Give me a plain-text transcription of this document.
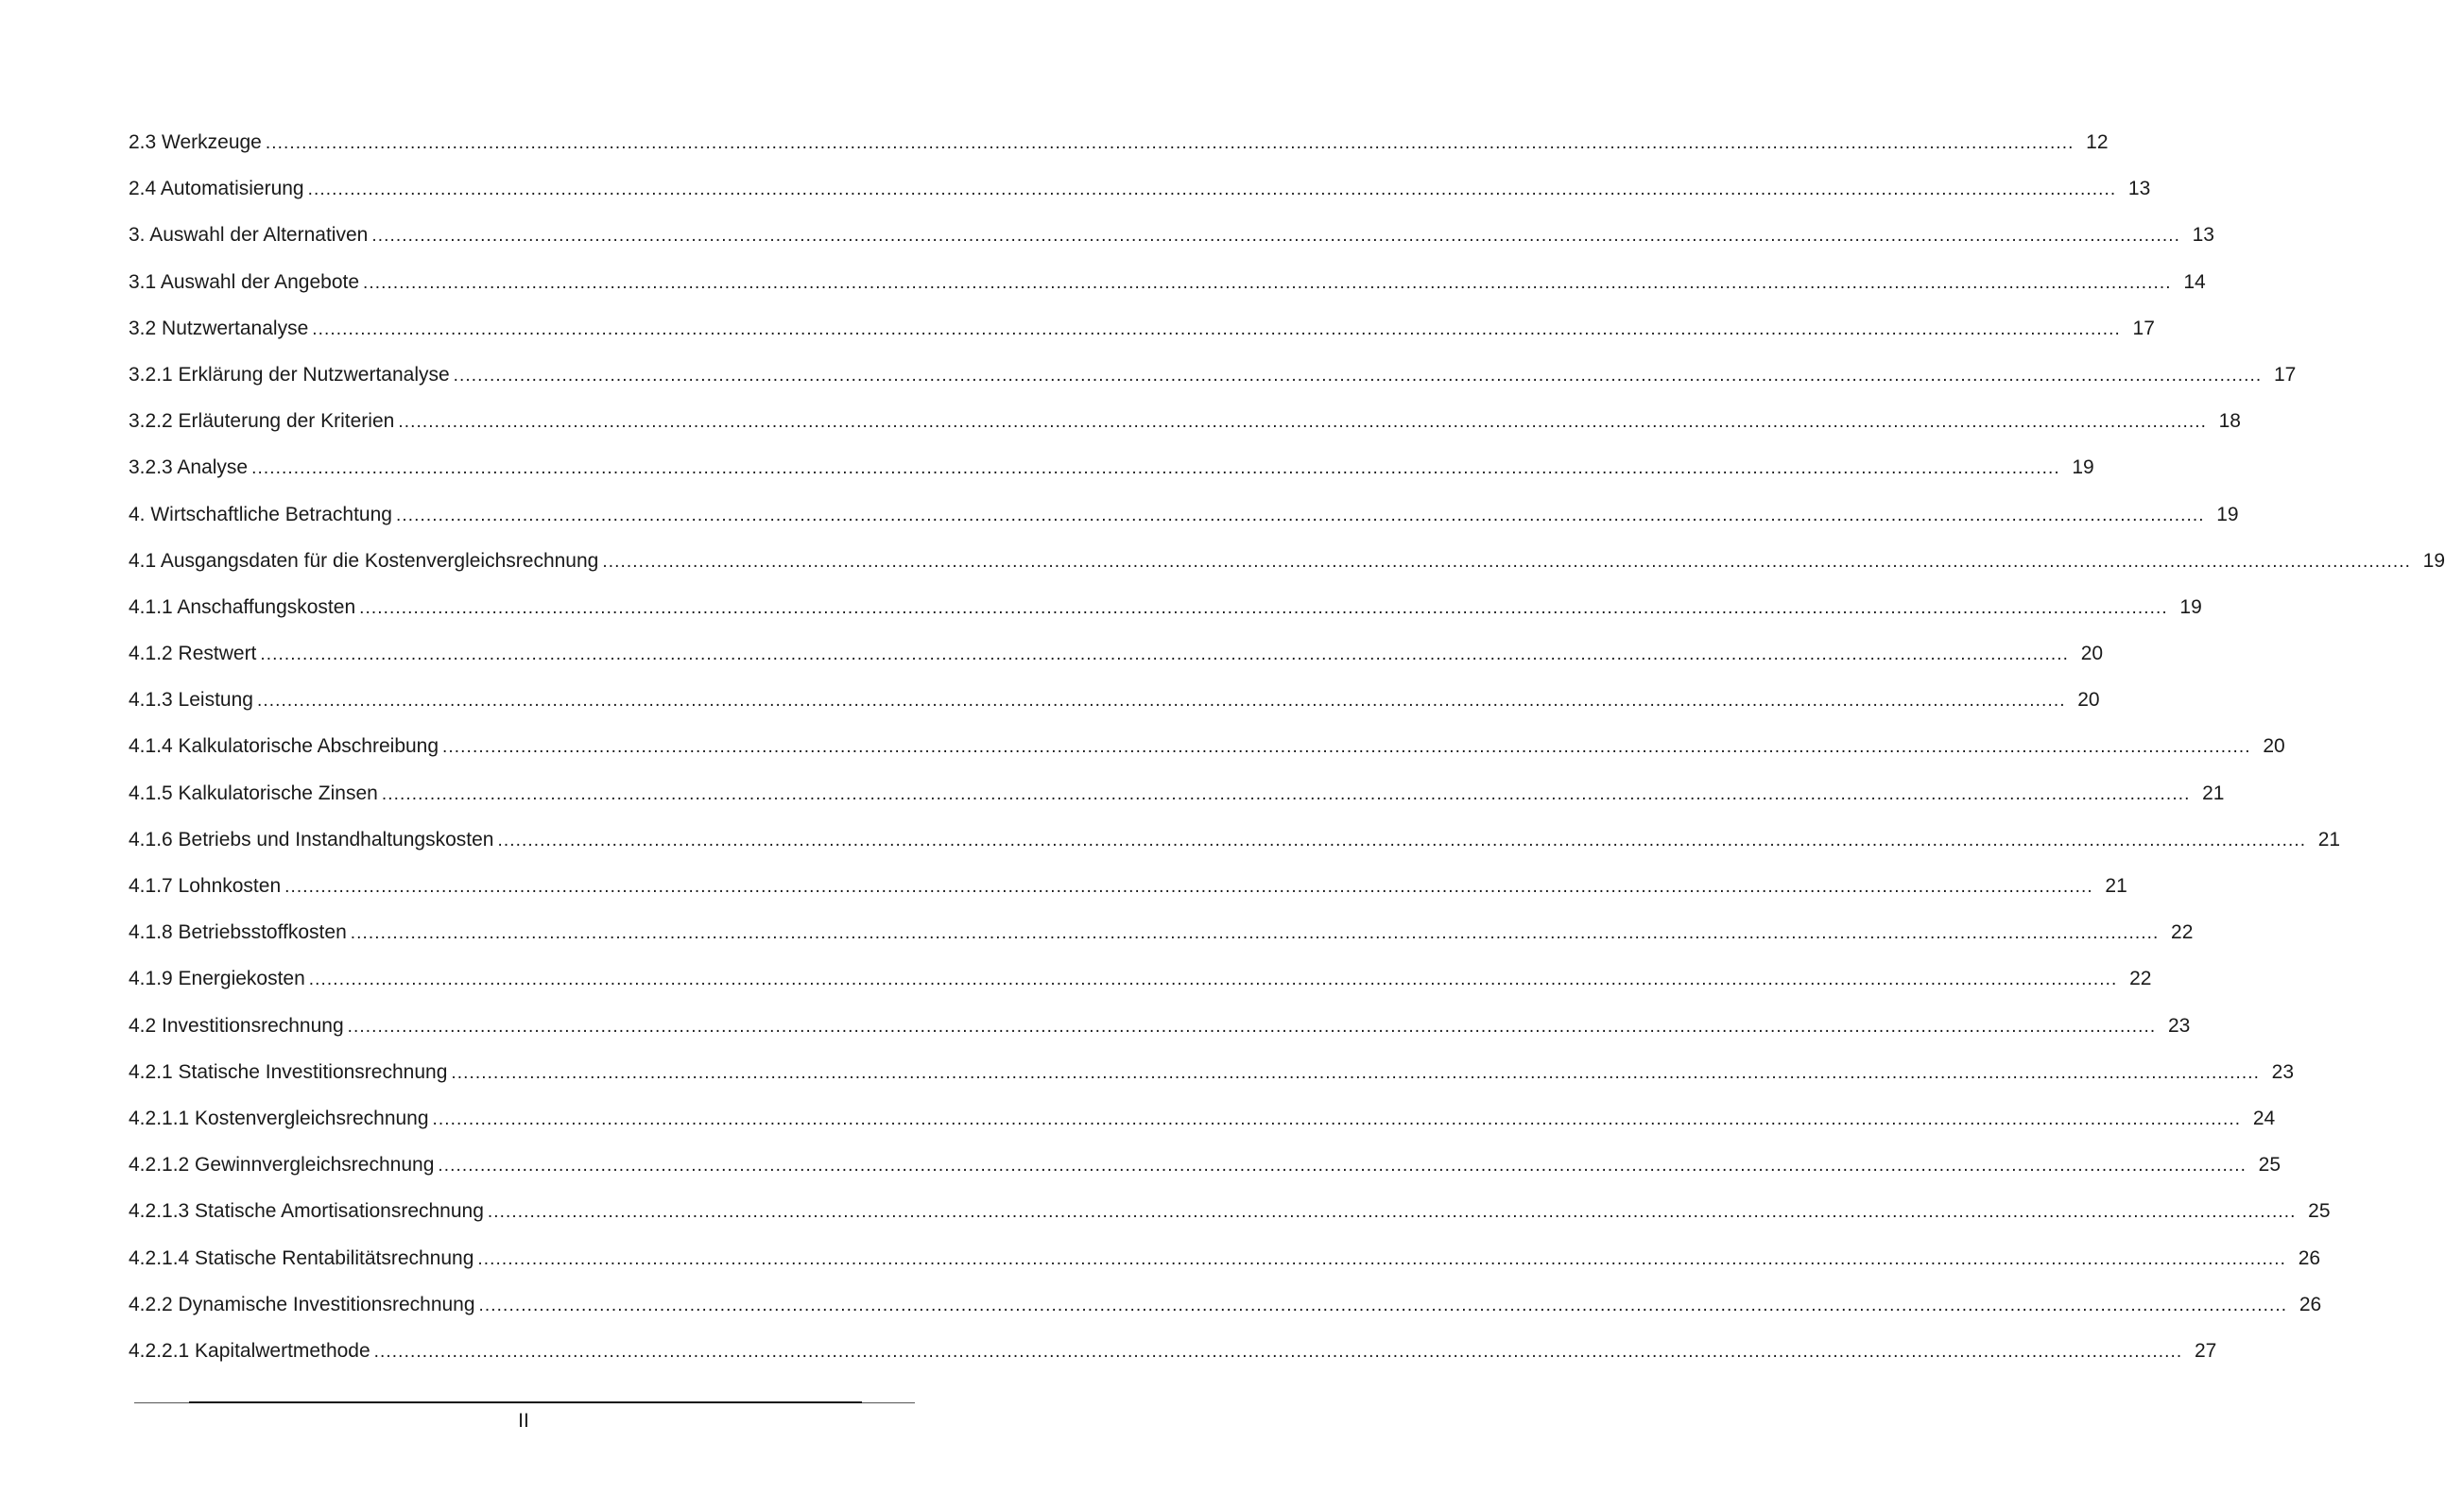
2.3 Werkzeuge ............................................................................................................................................................................................................................................................................................................ 12
2.4 Automatisierung ............................................................................................................................................................................................................................................................................................................ 13
3. Auswahl der Alternativen ............................................................................................................................................................................................................................................................................................................ 13
3.1 Auswahl der Angebote ............................................................................................................................................................................................................................................................................................................ 14
3.2 Nutzwertanalyse ............................................................................................................................................................................................................................................................................................................ 17
3.2.1 Erklärung der Nutzwertanalyse ............................................................................................................................................................................................................................................................................................................ 17
3.2.2 Erläuterung der Kriterien ............................................................................................................................................................................................................................................................................................................ 18
3.2.3 Analyse ............................................................................................................................................................................................................................................................................................................ 19
4. Wirtschaftliche Betrachtung ............................................................................................................................................................................................................................................................................................................ 19
4.1 Ausgangsdaten für die Kostenvergleichsrechnung ............................................................................................................................................................................................................................................................................................................ 19
4.1.1 Anschaffungskosten ............................................................................................................................................................................................................................................................................................................ 19
4.1.2 Restwert ............................................................................................................................................................................................................................................................................................................ 20
4.1.3 Leistung ............................................................................................................................................................................................................................................................................................................ 20
4.1.4 Kalkulatorische Abschreibung ............................................................................................................................................................................................................................................................................................................ 20
4.1.5 Kalkulatorische Zinsen ............................................................................................................................................................................................................................................................................................................ 21
4.1.6 Betriebs und Instandhaltungskosten ............................................................................................................................................................................................................................................................................................................ 21
4.1.7 Lohnkosten ............................................................................................................................................................................................................................................................................................................ 21
4.1.8 Betriebsstoffkosten ............................................................................................................................................................................................................................................................................................................ 22
4.1.9 Energiekosten ............................................................................................................................................................................................................................................................................................................ 22
4.2 Investitionsrechnung ............................................................................................................................................................................................................................................................................................................ 23
4.2.1 Statische Investitionsrechnung ............................................................................................................................................................................................................................................................................................................ 23
4.2.1.1 Kostenvergleichsrechnung ............................................................................................................................................................................................................................................................................................................ 24
4.2.1.2 Gewinnvergleichsrechnung ............................................................................................................................................................................................................................................................................................................ 25
4.2.1.3 Statische Amortisationsrechnung ............................................................................................................................................................................................................................................................................................................ 25
4.2.1.4 Statische Rentabilitätsrechnung ............................................................................................................................................................................................................................................................................................................ 26
4.2.2 Dynamische Investitionsrechnung ............................................................................................................................................................................................................................................................................................................ 26
4.2.2.1 Kapitalwertmethode ............................................................................................................................................................................................................................................................................................................ 27
II
